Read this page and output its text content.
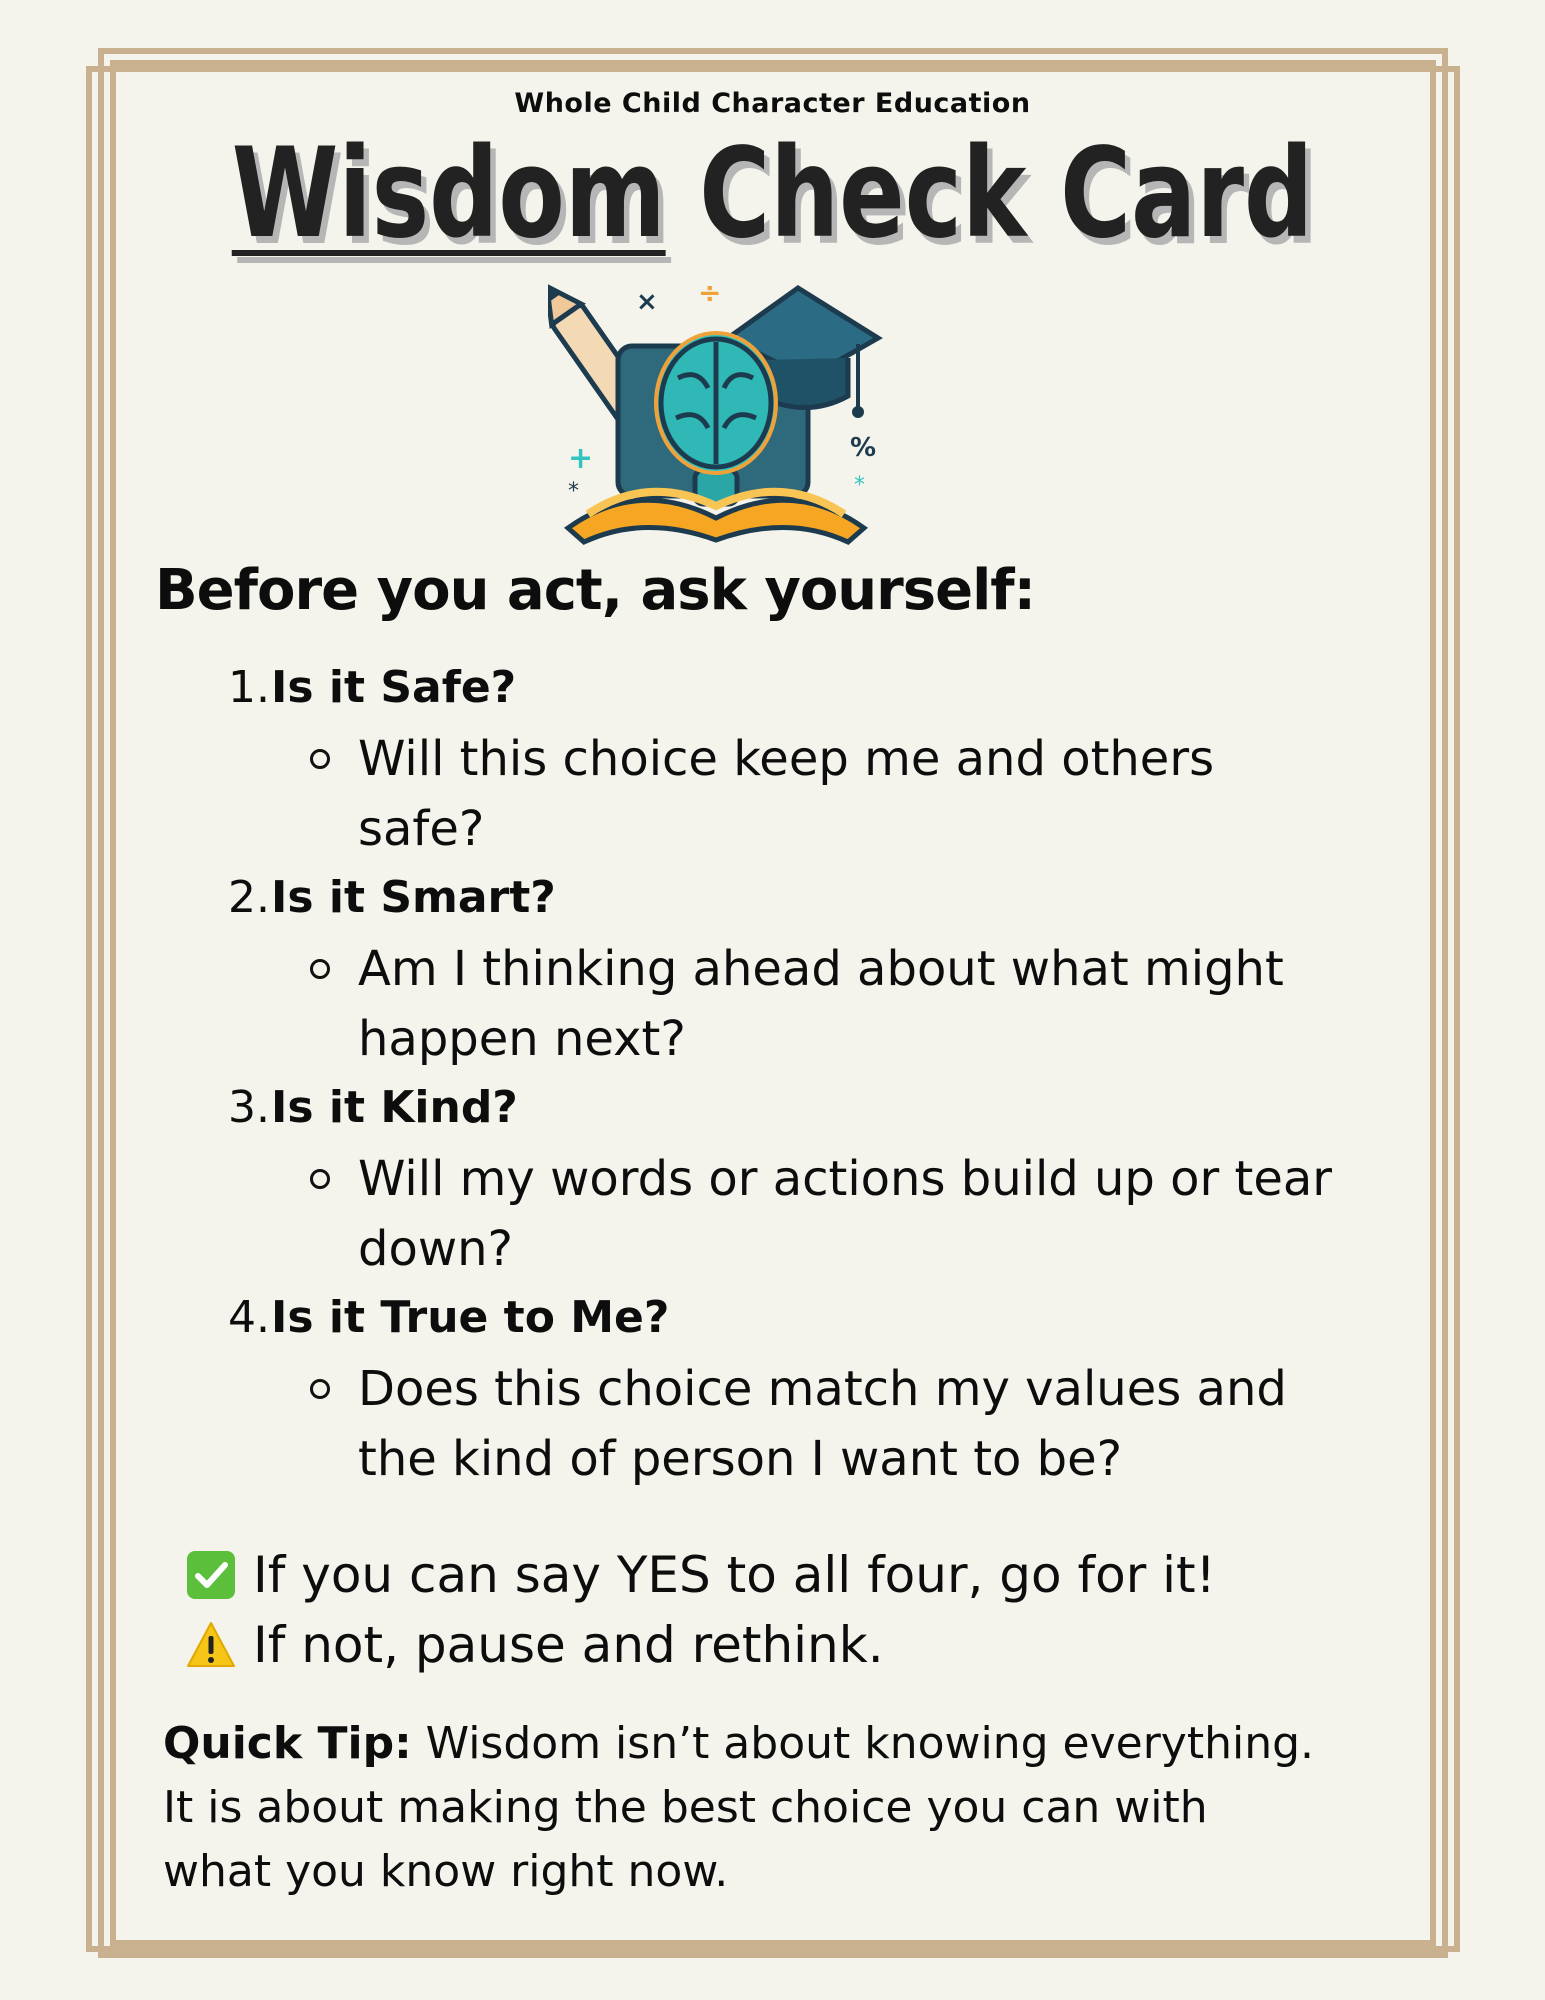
Whole Child Character Education
Wisdom Check Card
× ÷
+
*
%
*
Before you act, ask yourself:
1. Is it Safe?
Will this choice keep me and others
safe?
2. Is it Smart?
Am I thinking ahead about what might
happen next?
3. Is it Kind?
Will my words or actions build up or tear
down?
4. Is it True to Me?
Does this choice match my values and
the kind of person I want to be?
If you can say YES to all four, go for it!
If not, pause and rethink.
Quick Tip: Wisdom isn’t about knowing everything.
It is about making the best choice you can with
what you know right now.
